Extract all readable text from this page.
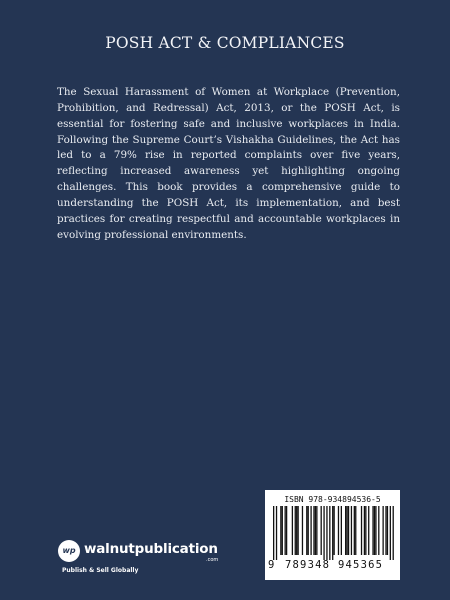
POSH ACT & COMPLIANCES

The Sexual Harassment of Women at Workplace (Prevention, Prohibition, and Redressal) Act, 2013, or the POSH Act, is essential for fostering safe and inclusive workplaces in India. Following the Supreme Court’s Vishakha Guidelines, the Act has led to a 79% rise in reported complaints over five years, reflecting increased awareness yet highlighting ongoing challenges. This book provides a comprehensive guide to understanding the POSH Act, its implementation, and best practices for creating respectful and accountable workplaces in evolving professional environments.

wp walnutpublication
.com
Publish & Sell Globally
ISBN 978-934894536-5
9 789348 945365
